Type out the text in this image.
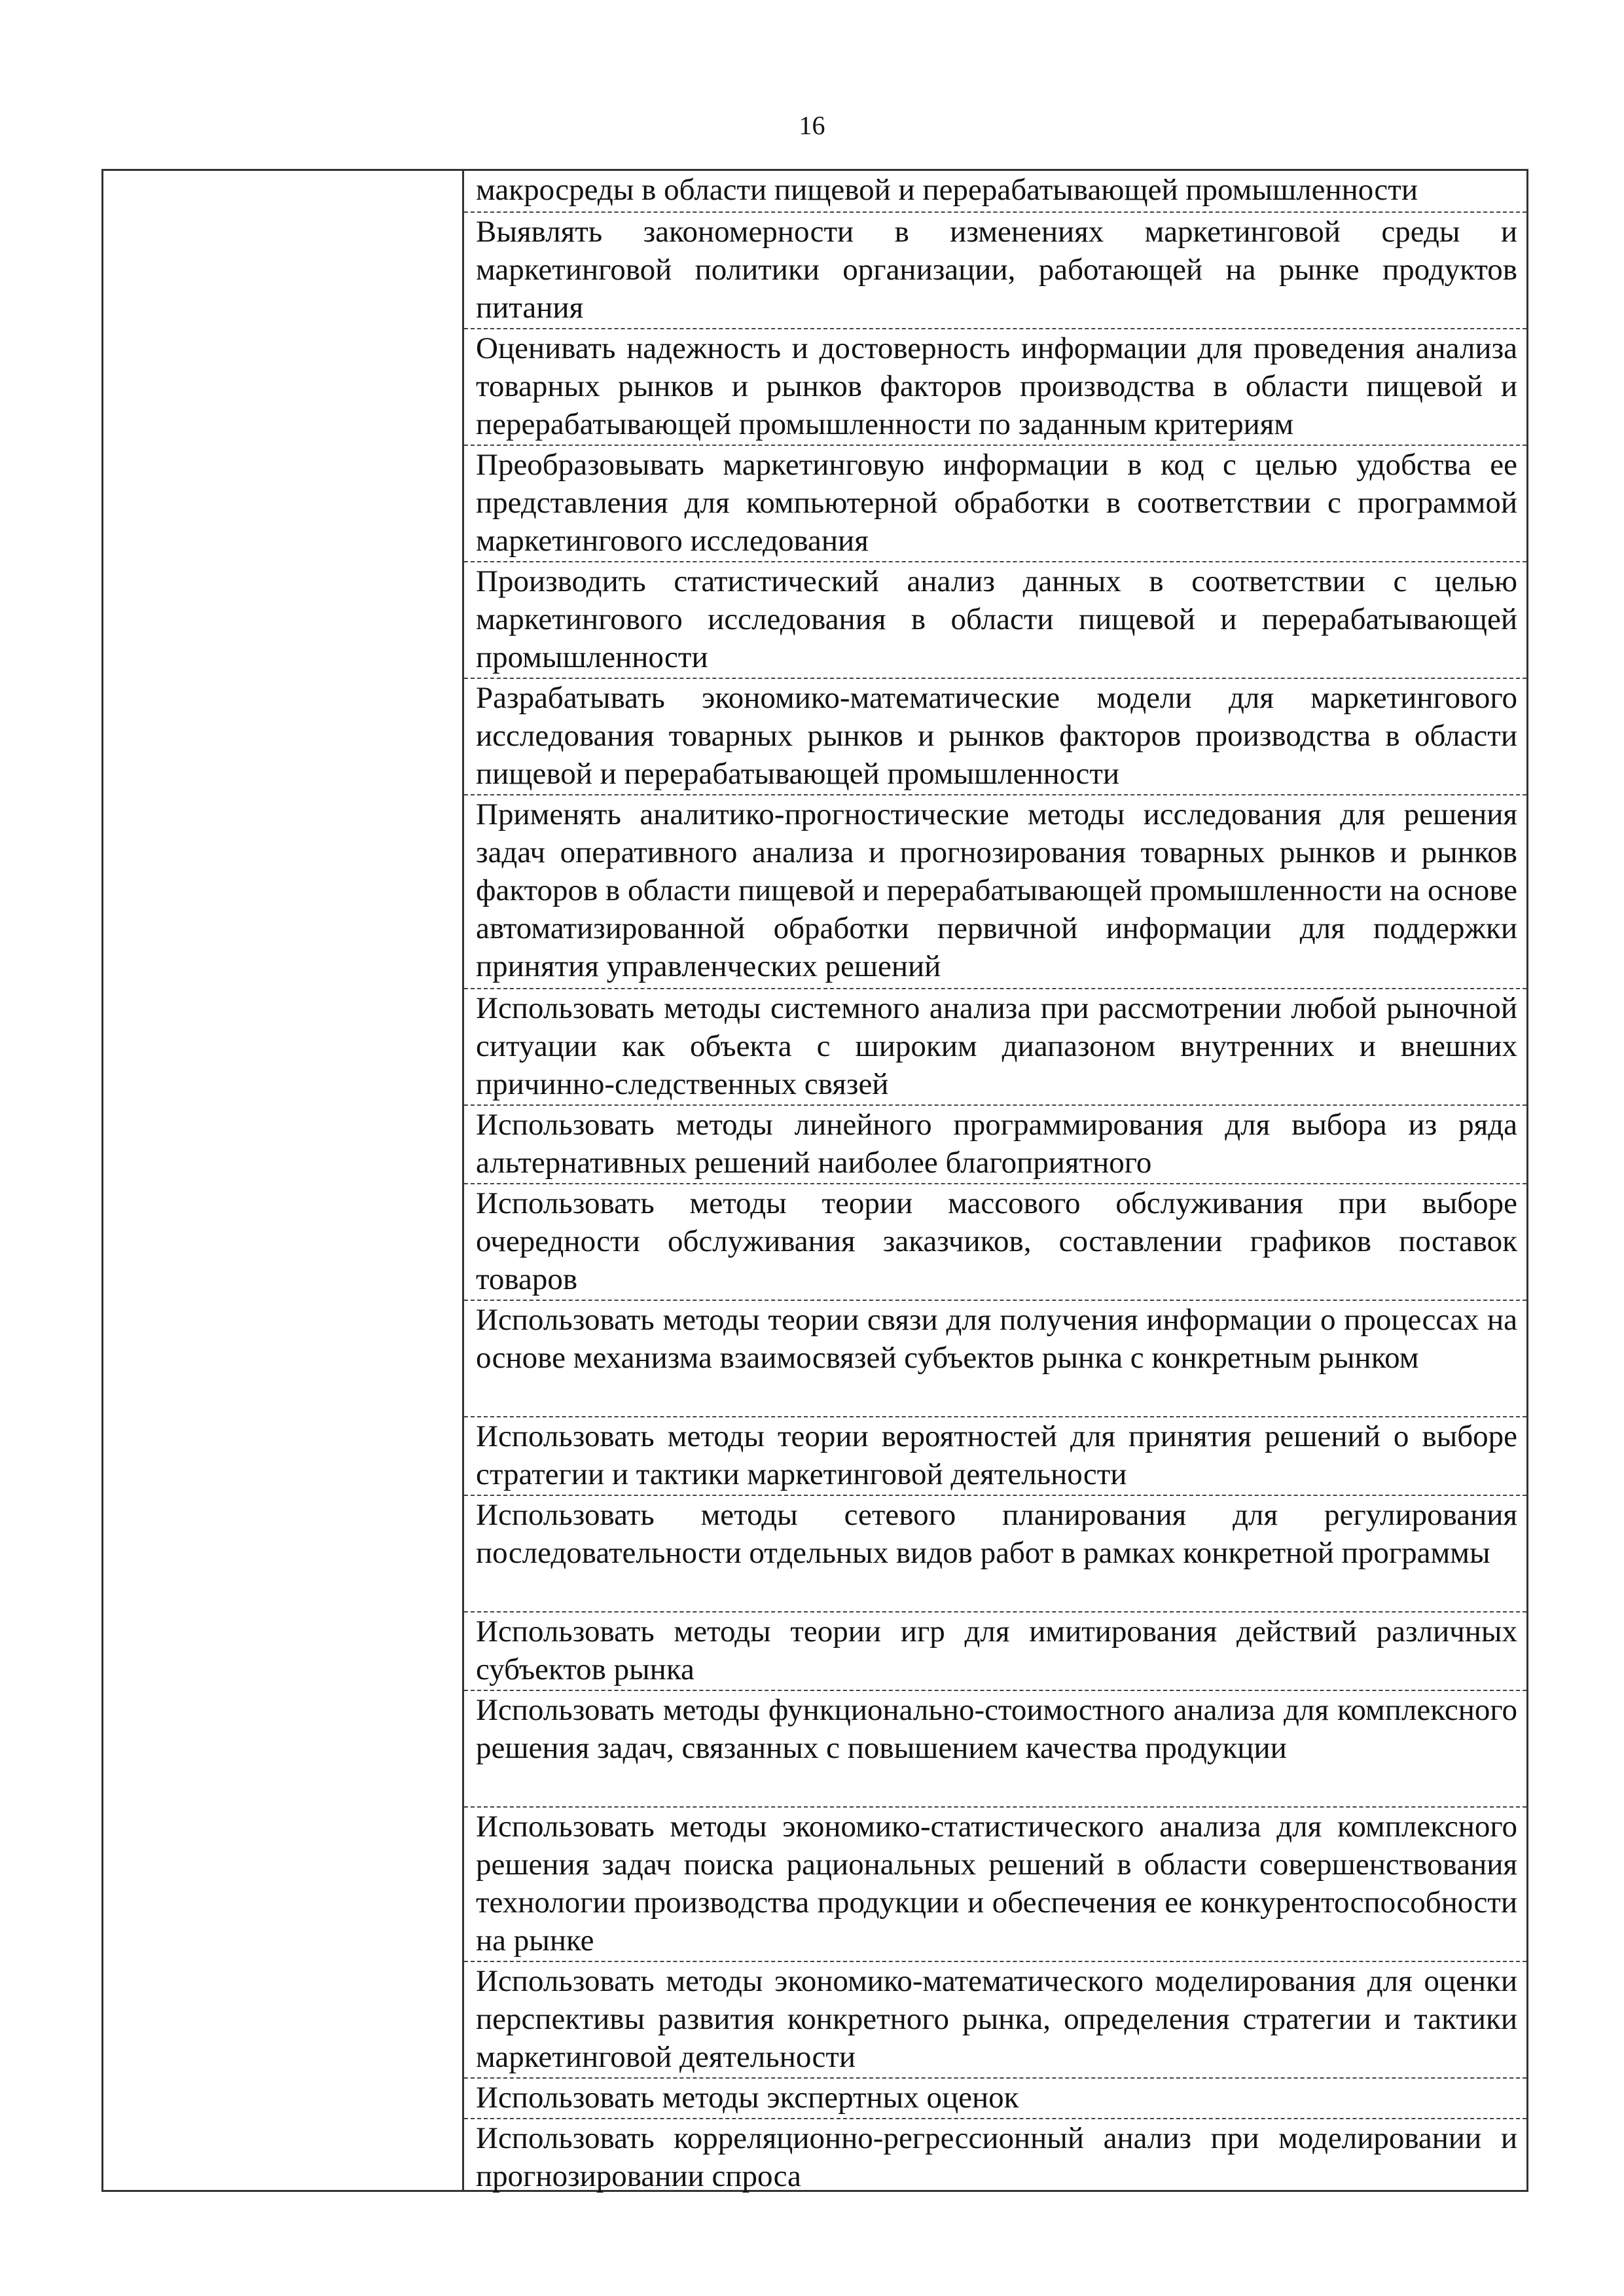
16
макросреды в области пищевой и перерабатывающей промышленности
Выявлять закономерности в изменениях маркетинговой среды и маркетинговой политики организации, работающей на рынке продуктов питания
Оценивать надежность и достоверность информации для проведения анализа товарных рынков и рынков факторов производства в области пищевой и перерабатывающей промышленности по заданным критериям
Преобразовывать маркетинговую информации в код с целью удобства ее представления для компьютерной обработки в соответствии с программой маркетингового исследования
Производить статистический анализ данных в соответствии с целью маркетингового исследования в области пищевой и перерабатывающей промышленности
Разрабатывать экономико-математические модели для маркетингового исследования товарных рынков и рынков факторов производства в области пищевой и перерабатывающей промышленности
Применять аналитико-прогностические методы исследования для решения задач оперативного анализа и прогнозирования товарных рынков и рынков факторов в области пищевой и перерабатывающей промышленности на основе автоматизированной обработки первичной информации для поддержки принятия управленческих решений
Использовать методы системного анализа при рассмотрении любой рыночной ситуации как объекта с широким диапазоном внутренних и внешних причинно-следственных связей
Использовать методы линейного программирования для выбора из ряда альтернативных решений наиболее благоприятного
Использовать методы теории массового обслуживания при выборе очередности обслуживания заказчиков, составлении графиков поставок товаров
Использовать методы теории связи для получения информации о процессах на основе механизма взаимосвязей субъектов рынка с конкретным рынком
Использовать методы теории вероятностей для принятия решений о выборе стратегии и тактики маркетинговой деятельности
Использовать методы сетевого планирования для регулирования последовательности отдельных видов работ в рамках конкретной программы
Использовать методы теории игр для имитирования действий различных субъектов рынка
Использовать методы функционально-стоимостного анализа для комплексного решения задач, связанных с повышением качества продукции
Использовать методы экономико-статистического анализа для комплексного решения задач поиска рациональных решений в области совершенствования технологии производства продукции и обеспечения ее конкурентоспособности на рынке
Использовать методы экономико-математического моделирования для оценки перспективы развития конкретного рынка, определения стратегии и тактики маркетинговой деятельности
Использовать методы экспертных оценок
Использовать корреляционно-регрессионный анализ при моделировании и прогнозировании спроса
